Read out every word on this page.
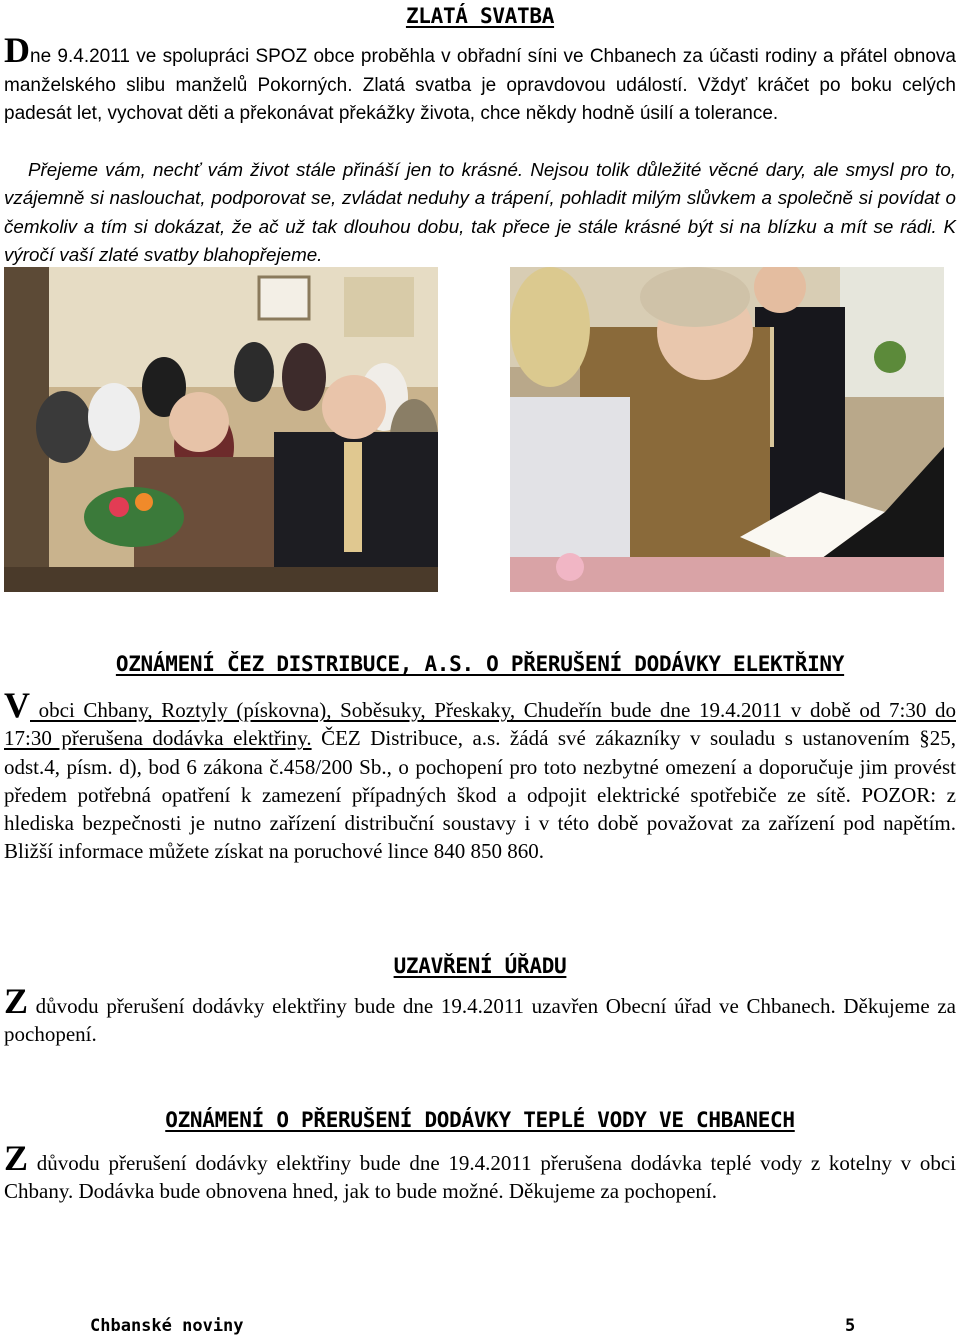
ZLATÁ SVATBA

Dne 9.4.2011 ve spolupráci SPOZ obce proběhla v obřadní síni ve Chbanech za účasti rodiny a přátel obnova manželského slibu manželů Pokorných. Zlatá svatba je opravdovou událostí. Vždyť kráčet po boku celých padesát let, vychovat děti a překonávat překážky života, chce někdy hodně úsilí a tolerance.

Přejeme vám, nechť vám život stále přináší jen to krásné. Nejsou tolik důležité věcné dary, ale smysl pro to, vzájemně si naslouchat, podporovat se, zvládat neduhy a trápení, pohladit milým slůvkem a společně si povídat o čemkoliv a tím si dokázat, že ač už tak dlouhou dobu, tak přece je stále krásné být si na blízku a mít se rádi. K výročí vaší zlaté svatby blahopřejeme.

OZNÁMENÍ ČEZ DISTRIBUCE, A.S. O PŘERUŠENÍ DODÁVKY ELEKTŘINY

V obci Chbany, Roztyly (pískovna), Soběsuky, Přeskaky, Chudeřín bude dne 19.4.2011 v době od 7:30 do 17:30 přerušena dodávka elektřiny. ČEZ Distribuce, a.s. žádá své zákazníky v souladu s ustanovením §25, odst.4, písm. d), bod 6 zákona č.458/200 Sb., o pochopení pro toto nezbytné omezení a doporučuje jim provést předem potřebná opatření k zamezení případných škod a odpojit elektrické spotřebiče ze sítě. POZOR: z hlediska bezpečnosti je nutno zařízení distribuční soustavy i v této době považovat za zařízení pod napětím. Bližší informace můžete získat na poruchové lince 840 850 860.

UZAVŘENÍ ÚŘADU

Z důvodu přerušení dodávky elektřiny bude dne 19.4.2011 uzavřen Obecní úřad ve Chbanech. Děkujeme za pochopení.

OZNÁMENÍ O PŘERUŠENÍ DODÁVKY TEPLÉ VODY VE CHBANECH

Z důvodu přerušení dodávky elektřiny bude dne 19.4.2011 přerušena dodávka teplé vody z kotelny v obci Chbany. Dodávka bude obnovena hned, jak to bude možné. Děkujeme za pochopení.

Chbanské noviny	5
